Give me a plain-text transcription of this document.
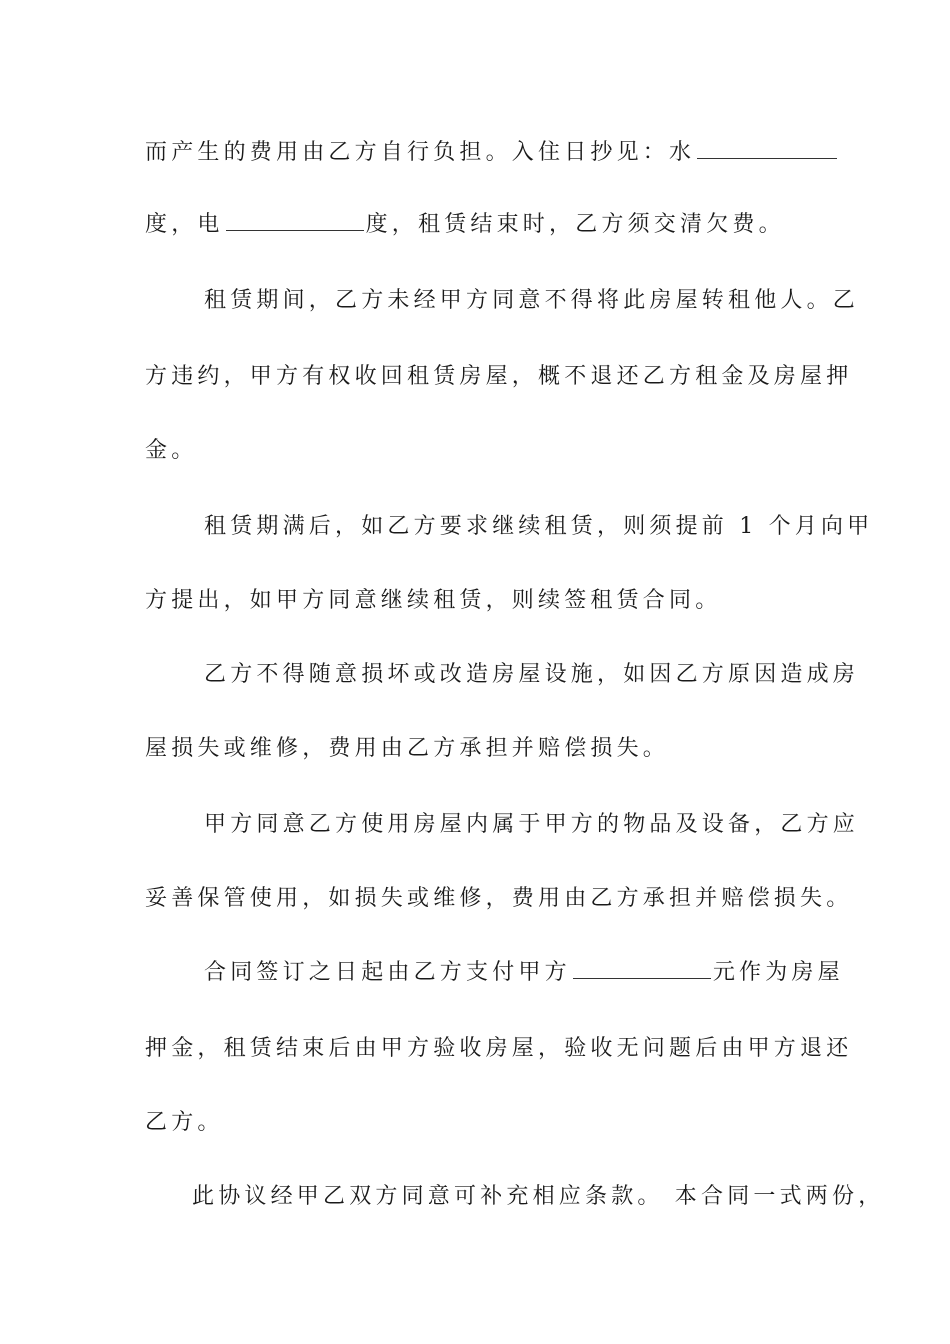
而产生的费用由乙方自行负担。入住日抄见：水
度，电	度，租赁结束时，乙方须交清欠费。
租赁期间，乙方未经甲方同意不得将此房屋转租他人。乙
方违约，甲方有权收回租赁房屋，概不退还乙方租金及房屋押
金。
租赁期满后，如乙方要求继续租赁，则须提前 1 个月向甲
方提出，如甲方同意继续租赁，则续签租赁合同。
乙方不得随意损坏或改造房屋设施，如因乙方原因造成房
屋损失或维修，费用由乙方承担并赔偿损失。
甲方同意乙方使用房屋内属于甲方的物品及设备，乙方应
妥善保管使用，如损失或维修，费用由乙方承担并赔偿损失。
合同签订之日起由乙方支付甲方	元作为房屋
押金，租赁结束后由甲方验收房屋，验收无问题后由甲方退还
乙方。
此协议经甲乙双方同意可补充相应条款。 本合同一式两份，
